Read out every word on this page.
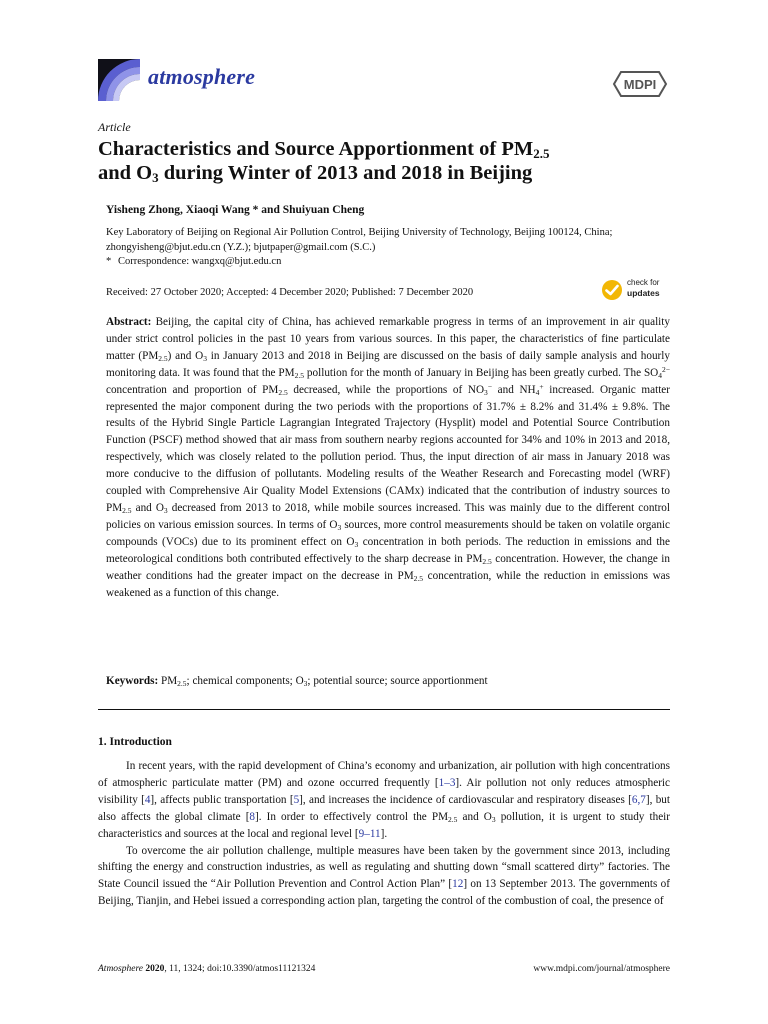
atmosphere	MDPI
Article
Characteristics and Source Apportionment of $PM_{2.5}$
and $O_3$ during Winter of 2013 and 2018 in Beijing
Yisheng Zhong, Xiaoqi Wang * and Shuiyuan Cheng
Key Laboratory of Beijing on Regional Air Pollution Control, Beijing University of Technology, Beijing 100124, China; zhongyisheng@bjut.edu.cn (Y.Z.); bjutpaper@gmail.com (S.C.)
* Correspondence: wangxq@bjut.edu.cn
check for
updates
Received: 27 October 2020; Accepted: 4 December 2020; Published: 7 December 2020
Abstract: Beijing, the capital city of China, has achieved remarkable progress in terms of an improvement in air quality under strict control policies in the past 10 years from various sources. In this paper, the characteristics of fine particulate matter $(PM_{2.5})$ and $O_3$ in January 2013 and 2018 in Beijing are discussed on the basis of daily sample analysis and hourly monitoring data. It was found that the $PM_{2.5}$ pollution for the month of January in Beijing has been greatly curbed. The $SO_4^{2-}$ concentration and proportion of $PM_{2.5}$ decreased, while the proportions of $NO_3^-$ and $NH_4^+$ increased. Organic matter represented the major component during the two periods with the proportions of 31.7% ± 8.2% and 31.4% ± 9.8%. The results of the Hybrid Single Particle Lagrangian Integrated Trajectory (Hysplit) model and Potential Source Contribution Function (PSCF) method showed that air mass from southern nearby regions accounted for 34% and 10% in 2013 and 2018, respectively, which was closely related to the pollution period. Thus, the input direction of air mass in January 2018 was more conducive to the diffusion of pollutants. Modeling results of the Weather Research and Forecasting model (WRF) coupled with Comprehensive Air Quality Model Extensions (CAMx) indicated that the contribution of industry sources to $PM_{2.5}$ and $O_3$ decreased from 2013 to 2018, while mobile sources increased. This was mainly due to the different control policies on various emission sources. In terms of $O_3$ sources, more control measurements should be taken on volatile organic compounds (VOCs) due to its prominent effect on $O_3$ concentration in both periods. The reduction in emissions and the meteorological conditions both contributed effectively to the sharp decrease in $PM_{2.5}$ concentration. However, the change in weather conditions had the greater impact on the decrease in $PM_{2.5}$ concentration, while the reduction in emissions was weakened as a function of this change.
Keywords: $PM_{2.5}$; chemical components; $O_3$; potential source; source apportionment
1. Introduction

In recent years, with the rapid development of China’s economy and urbanization, air pollution with high concentrations of atmospheric particulate matter (PM) and ozone occurred frequently [1–3]. Air pollution not only reduces atmospheric visibility [4], affects public transportation [5], and increases the incidence of cardiovascular and respiratory diseases [6,7], but also affects the global climate [8]. In order to effectively control the $PM_{2.5}$ and $O_3$ pollution, it is urgent to study their characteristics and sources at the local and regional level [9–11].

To overcome the air pollution challenge, multiple measures have been taken by the government since 2013, including shifting the energy and construction industries, as well as regulating and shutting down “small scattered dirty” factories. The State Council issued the “Air Pollution Prevention and Control Action Plan” [12] on 13 September 2013. The governments of Beijing, Tianjin, and Hebei issued a corresponding action plan, targeting the control of the combustion of coal, the presence of

Atmosphere 2020, 11, 1324; doi:10.3390/atmos11121324	www.mdpi.com/journal/atmosphere
